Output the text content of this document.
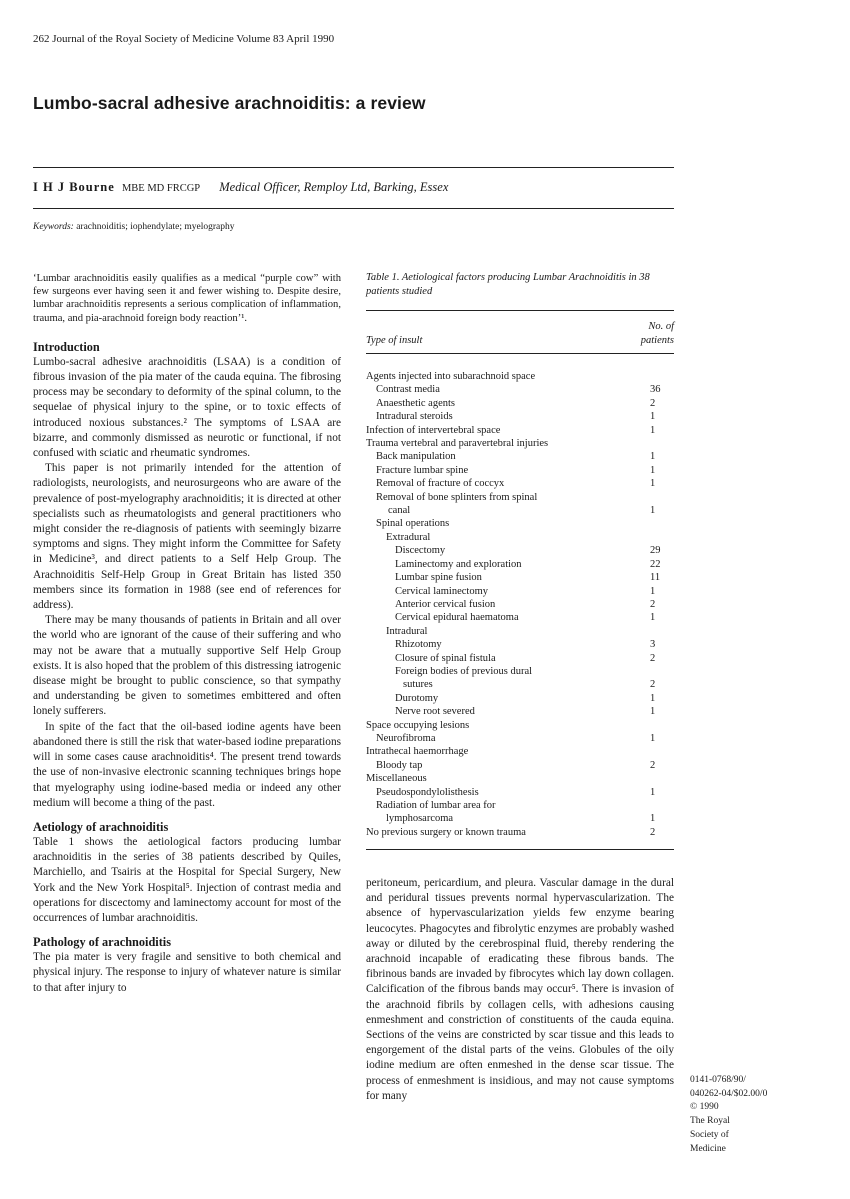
262 Journal of the Royal Society of Medicine Volume 83 April 1990
Lumbo-sacral adhesive arachnoiditis: a review
I H J Bourne MBE MD FRCGP Medical Officer, Remploy Ltd, Barking, Essex
Keywords: arachnoiditis; iophendylate; myelography

‘Lumbar arachnoiditis easily qualifies as a medical “purple cow” with few surgeons ever having seen it and fewer wishing to. Despite desire, lumbar arachnoiditis represents a serious complication of inflammation, trauma, and pia-arachnoid foreign body reaction’¹.

Introduction

Lumbo-sacral adhesive arachnoiditis (LSAA) is a condition of fibrous invasion of the pia mater of the cauda equina. The fibrosing process may be secondary to deformity of the spinal column, to the sequelae of physical injury to the spine, or to toxic effects of introduced noxious substances.² The symptoms of LSAA are bizarre, and commonly dismissed as neurotic or functional, if not confused with sciatic and rheumatic syndromes.

This paper is not primarily intended for the attention of radiologists, neurologists, and neurosurgeons who are aware of the prevalence of post-myelography arachnoiditis; it is directed at other specialists such as rheumatologists and general practitioners who might consider the re-diagnosis of patients with seemingly bizarre symptoms and signs. They might inform the Committee for Safety in Medicine³, and direct patients to a Self Help Group. The Arachnoiditis Self-Help Group in Great Britain has listed 350 members since its formation in 1988 (see end of references for address).

There may be many thousands of patients in Britain and all over the world who are ignorant of the cause of their suffering and who may not be aware that a mutually supportive Self Help Group exists. It is also hoped that the problem of this distressing iatrogenic disease might be brought to public conscience, so that sympathy and understanding be given to sometimes embittered and often lonely sufferers.

In spite of the fact that the oil-based iodine agents have been abandoned there is still the risk that water-based iodine preparations will in some cases cause arachnoiditis⁴. The present trend towards the use of non-invasive electronic scanning techniques brings hope that myelography using iodine-based media or indeed any other medium will become a thing of the past.

Aetiology of arachnoiditis

Table 1 shows the aetiological factors producing lumbar arachnoiditis in the series of 38 patients described by Quiles, Marchiello, and Tsairis at the Hospital for Special Surgery, New York and the New York Hospital⁵. Injection of contrast media and operations for discectomy and laminectomy account for most of the occurrences of lumbar arachnoiditis.

Pathology of arachnoiditis

The pia mater is very fragile and sensitive to both chemical and physical injury. The response to injury of whatever nature is similar to that after injury to

Table 1. Aetiological factors producing Lumbar Arachnoiditis in 38 patients studied

Type of insult
No. of
patients
Agents injected into subarachnoid space
Contrast media	36
Anaesthetic agents	2
Intradural steroids	1
Infection of intervertebral space	1
Trauma vertebral and paravertebral injuries
Back manipulation	1
Fracture lumbar spine	1
Removal of fracture of coccyx	1
Removal of bone splinters from spinal
canal	1
Spinal operations
Extradural
Discectomy	29
Laminectomy and exploration	22
Lumbar spine fusion	11
Cervical laminectomy	1
Anterior cervical fusion	2
Cervical epidural haematoma	1
Intradural
Rhizotomy	3
Closure of spinal fistula	2
Foreign bodies of previous dural
sutures	2
Durotomy	1
Nerve root severed	1
Space occupying lesions
Neurofibroma	1
Intrathecal haemorrhage
Bloody tap	2
Miscellaneous
Pseudospondylolisthesis	1
Radiation of lumbar area for
lymphosarcoma	1
No previous surgery or known trauma	2

peritoneum, pericardium, and pleura. Vascular damage in the dural and peridural tissues prevents normal hypervascularization. The absence of hypervascularization yields few enzyme bearing leucocytes. Phagocytes and fibrolytic enzymes are probably washed away or diluted by the cerebrospinal fluid, thereby rendering the arachnoid incapable of eradicating these fibrous bands. The fibrinous bands are invaded by fibrocytes which lay down collagen. Calcification of the fibrous bands may occur⁵. There is invasion of the arachnoid fibrils by collagen cells, with adhesions causing enmeshment and constriction of constituents of the cauda equina. Sections of the veins are constricted by scar tissue and this leads to engorgement of the distal parts of the veins. Globules of the oily iodine medium are often enmeshed in the dense scar tissue. The process of enmeshment is insidious, and may not cause symptoms for many

0141-0768/90/
040262-04/$02.00/0
© 1990
The Royal
Society of
Medicine
